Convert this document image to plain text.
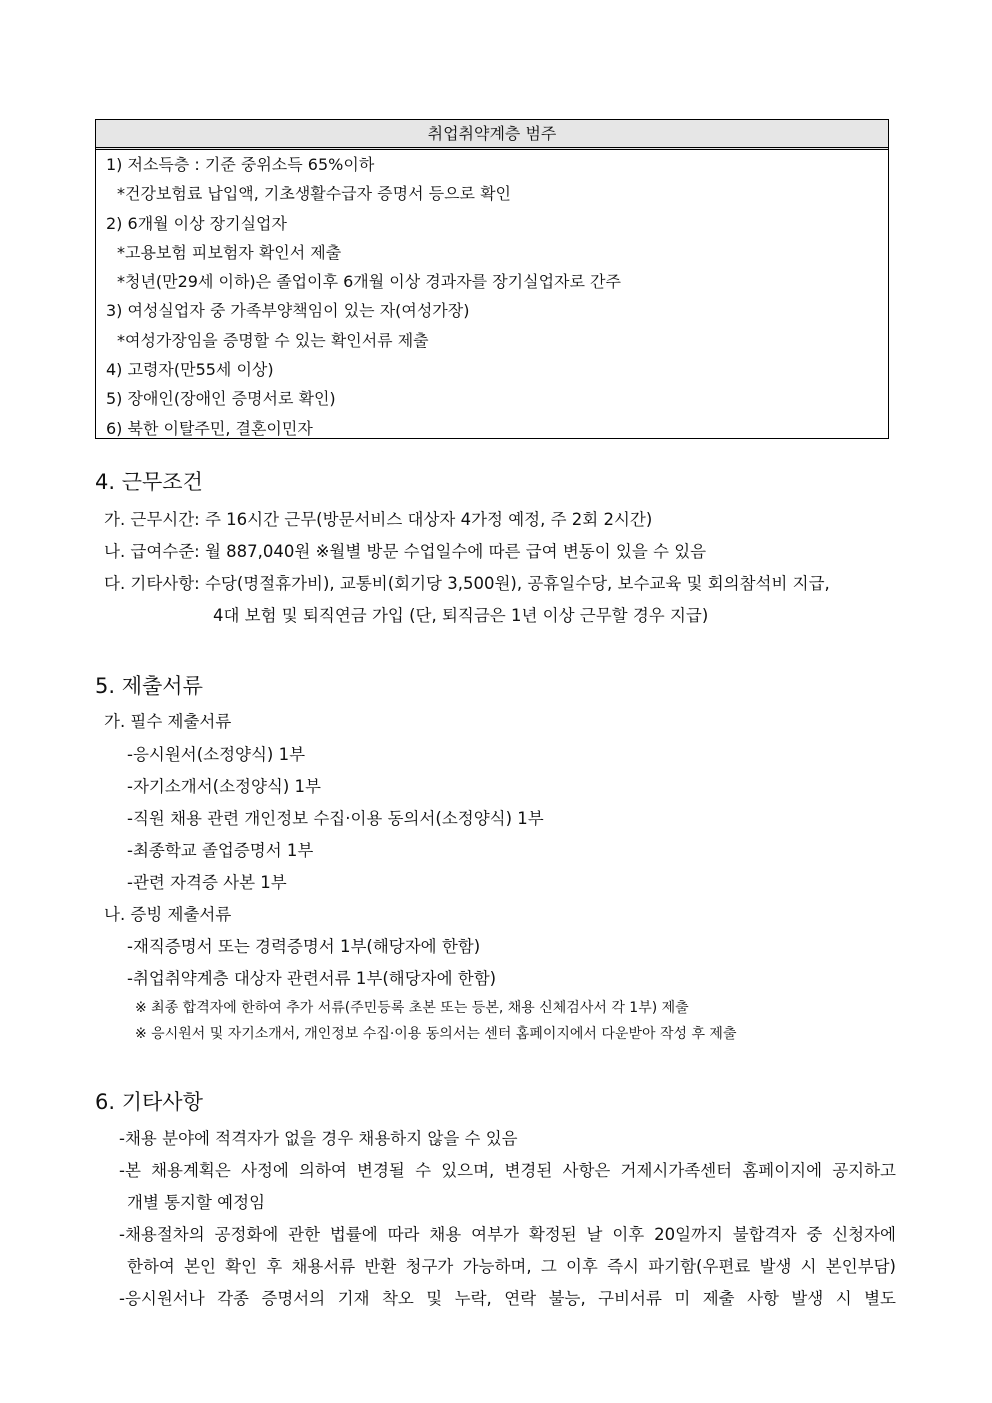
취업취약계층 범주
1) 저소득층 : 기준 중위소득 65%이하
*건강보험료 납입액, 기초생활수급자 증명서 등으로 확인
2) 6개월 이상 장기실업자
*고용보험 피보험자 확인서 제출
*청년(만29세 이하)은 졸업이후 6개월 이상 경과자를 장기실업자로 간주
3) 여성실업자 중 가족부양책임이 있는 자(여성가장)
*여성가장임을 증명할 수 있는 확인서류 제출
4) 고령자(만55세 이상)
5) 장애인(장애인 증명서로 확인)
6) 북한 이탈주민, 결혼이민자
4. 근무조건
가. 근무시간: 주 16시간 근무(방문서비스 대상자 4가정 예정, 주 2회 2시간)
나. 급여수준: 월 887,040원 ※월별 방문 수업일수에 따른 급여 변동이 있을 수 있음
다. 기타사항: 수당(명절휴가비), 교통비(회기당 3,500원), 공휴일수당, 보수교육 및 회의참석비 지급,
4대 보험 및 퇴직연금 가입 (단, 퇴직금은 1년 이상 근무할 경우 지급)
5. 제출서류
가. 필수 제출서류
-응시원서(소정양식) 1부
-자기소개서(소정양식) 1부
-직원 채용 관련 개인정보 수집·이용 동의서(소정양식) 1부
-최종학교 졸업증명서 1부
-관련 자격증 사본 1부
나. 증빙 제출서류
-재직증명서 또는 경력증명서 1부(해당자에 한함)
-취업취약계층 대상자 관련서류 1부(해당자에 한함)
※ 최종 합격자에 한하여 추가 서류(주민등록 초본 또는 등본, 채용 신체검사서 각 1부) 제출
※ 응시원서 및 자기소개서, 개인정보 수집·이용 동의서는 센터 홈페이지에서 다운받아 작성 후 제출
6. 기타사항
-채용 분야에 적격자가 없을 경우 채용하지 않을 수 있음
-본 채용계획은 사정에 의하여 변경될 수 있으며, 변경된 사항은 거제시가족센터 홈페이지에 공지하고
개별 통지할 예정임
-채용절차의 공정화에 관한 법률에 따라 채용 여부가 확정된 날 이후 20일까지 불합격자 중 신청자에
한하여 본인 확인 후 채용서류 반환 청구가 가능하며, 그 이후 즉시 파기함(우편료 발생 시 본인부담)
-응시원서나 각종 증명서의 기재 착오 및 누락, 연락 불능, 구비서류 미 제출 사항 발생 시 별도
